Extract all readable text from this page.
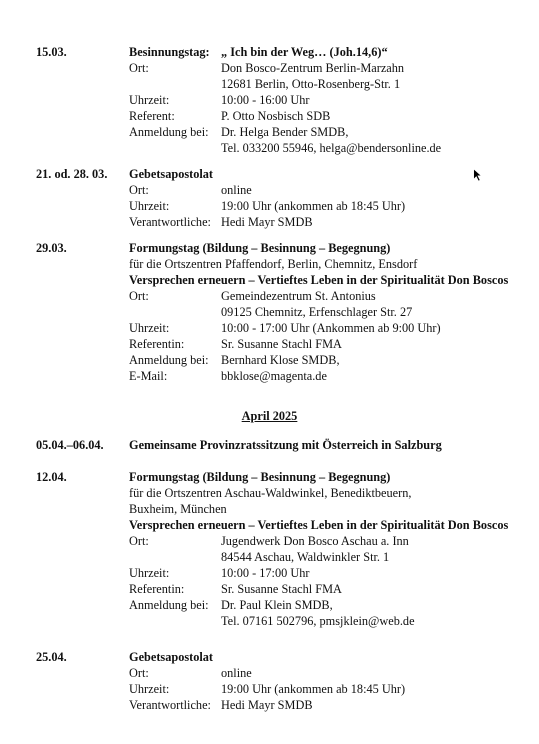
15.03.	Besinnungstag: „ Ich bin der Weg… (Joh.14,6)“
Ort:	Don Bosco-Zentrum Berlin-Marzahn
12681 Berlin, Otto-Rosenberg-Str. 1
Uhrzeit:	10:00 - 16:00 Uhr
Referent:	P. Otto Nosbisch SDB
Anmeldung bei:	Dr. Helga Bender SMDB,
Tel. 033200 55946, helga@bendersonline.de
21. od. 28. 03. Gebetsapostolat
Ort:	online
Uhrzeit:	19:00 Uhr (ankommen ab 18:45 Uhr)
Verantwortliche: Hedi Mayr SMDB
29.03.	Formungstag (Bildung – Besinnung – Begegnung)
für die Ortszentren Pfaffendorf, Berlin, Chemnitz, Ensdorf
Versprechen erneuern – Vertieftes Leben in der Spiritualität Don Boscos
Ort:	Gemeindezentrum St. Antonius
09125 Chemnitz, Erfenschlager Str. 27
Uhrzeit:	10:00 - 17:00 Uhr (Ankommen ab 9:00 Uhr)
Referentin:	Sr. Susanne Stachl FMA
Anmeldung bei:	Bernhard Klose SMDB,
E-Mail:	bbklose@magenta.de
April 2025
05.04.–06.04. Gemeinsame Provinzratssitzung mit Österreich in Salzburg
12.04.	Formungstag (Bildung – Besinnung – Begegnung)
für die Ortszentren Aschau-Waldwinkel, Benediktbeuern, Buxheim, München
Versprechen erneuern – Vertieftes Leben in der Spiritualität Don Boscos
Ort:	Jugendwerk Don Bosco Aschau a. Inn
84544 Aschau, Waldwinkler Str. 1
Uhrzeit:	10:00 - 17:00 Uhr
Referentin:	Sr. Susanne Stachl FMA
Anmeldung bei:	Dr. Paul Klein SMDB,
Tel. 07161 502796, pmsjklein@web.de
25.04.	Gebetsapostolat
Ort:	online
Uhrzeit:	19:00 Uhr (ankommen ab 18:45 Uhr)
Verantwortliche: Hedi Mayr SMDB
